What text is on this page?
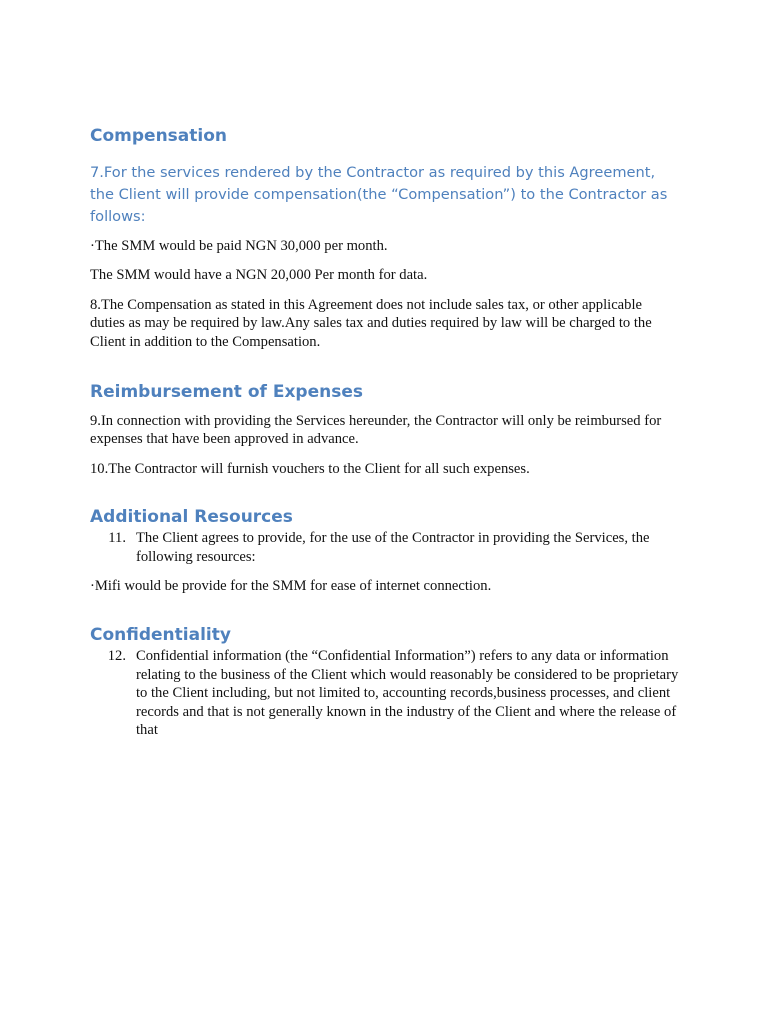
Compensation

7.For the services rendered by the Contractor as required by this Agreement, the Client will provide compensation(the “Compensation”) to the Contractor as follows:

·The SMM would be paid NGN 30,000 per month.

The SMM would have a NGN 20,000 Per month for data.

8.The Compensation as stated in this Agreement does not include sales tax, or other applicable duties as may be required by law.Any sales tax and duties required by law will be charged to the Client in addition to the Compensation.

Reimbursement of Expenses

9.In connection with providing the Services hereunder, the Contractor will only be reimbursed for expenses that have been approved in advance.

10.The Contractor will furnish vouchers to the Client for all such expenses.

Additional Resources
11. The Client agrees to provide, for the use of the Contractor in providing the Services, the following resources:

·Mifi would be provide for the SMM for ease of internet connection.

Confidentiality
12. Confidential information (the “Confidential Information”) refers to any data or information relating to the business of the Client which would reasonably be considered to be proprietary to the Client including, but not limited to, accounting records,business processes, and client records and that is not generally known in the industry of the Client and where the release of that
